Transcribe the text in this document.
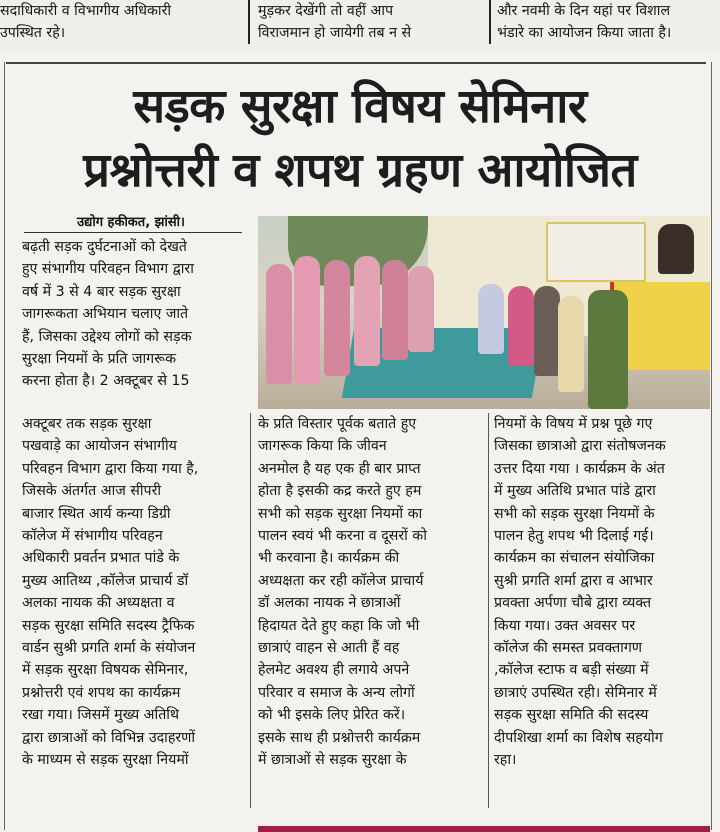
सदाधिकारी व विभागीय अधिकारी
उपस्थित रहे।
मुड़कर देखेंगी तो वहीं आप
विराजमान हो जायेगी तब न से
और नवमी के दिन यहां पर विशाल
भंडारे का आयोजन किया जाता है।
सड़क सुरक्षा विषय सेमिनार
प्रश्नोत्तरी व शपथ ग्रहण आयोजित
उद्योग हकीकत, झांसी।
बढ़ती सड़क दुर्घटनाओं को देखते
हुए संभागीय परिवहन विभाग द्वारा
वर्ष में 3 से 4 बार सड़क सुरक्षा
जागरूकता अभियान चलाए जाते
हैं, जिसका उद्देश्य लोगों को सड़क
सुरक्षा नियमों के प्रति जागरूक
करना होता है। 2 अक्टूबर से 15
अक्टूबर तक सड़क सुरक्षा
पखवाड़े का आयोजन संभागीय
परिवहन विभाग द्वारा किया गया है,
जिसके अंतर्गत आज सीपरी
बाजार स्थित आर्य कन्या डिग्री
कॉलेज में संभागीय परिवहन
अधिकारी प्रवर्तन प्रभात पांडे के
मुख्य आतिथ्य ,कॉलेज प्राचार्य डॉ
अलका नायक की अध्यक्षता व
सड़क सुरक्षा समिति सदस्य ट्रैफिक
वार्डन सुश्री प्रगति शर्मा के संयोजन
में सड़क सुरक्षा विषयक सेमिनार,
प्रश्नोत्तरी एवं शपथ का कार्यक्रम
रखा गया। जिसमें मुख्य अतिथि
द्वारा छात्राओं को विभिन्न उदाहरणों
के माध्यम से सड़क सुरक्षा नियमों
के प्रति विस्तार पूर्वक बताते हुए
जागरूक किया कि जीवन
अनमोल है यह एक ही बार प्राप्त
होता है इसकी कद्र करते हुए हम
सभी को सड़क सुरक्षा नियमों का
पालन स्वयं भी करना व दूसरों को
भी करवाना है। कार्यक्रम की
अध्यक्षता कर रही कॉलेज प्राचार्य
डॉ अलका नायक ने छात्राओं
हिदायत देते हुए कहा कि जो भी
छात्राएं वाहन से आती हैं वह
हेलमेट अवश्य ही लगाये अपने
परिवार व समाज के अन्य लोगों
को भी इसके लिए प्रेरित करें।
इसके साथ ही प्रश्नोत्तरी कार्यक्रम
में छात्राओं से सड़क सुरक्षा के
नियमों के विषय में प्रश्न पूछे गए
जिसका छात्राओ द्वारा संतोषजनक
उत्तर दिया गया । कार्यक्रम के अंत
में मुख्य अतिथि प्रभात पांडे द्वारा
सभी को सड़क सुरक्षा नियमों के
पालन हेतु शपथ भी दिलाई गई।
कार्यक्रम का संचालन संयोजिका
सुश्री प्रगति शर्मा द्वारा व आभार
प्रवक्ता अर्पणा चौबे द्वारा व्यक्त
किया गया। उक्त अवसर पर
कॉलेज की समस्त प्रवक्तागण
,कॉलेज स्टाफ व बड़ी संख्या में
छात्राएं उपस्थित रही। सेमिनार में
सड़क सुरक्षा समिति की सदस्य
दीपशिखा शर्मा का विशेष सहयोग
रहा।
